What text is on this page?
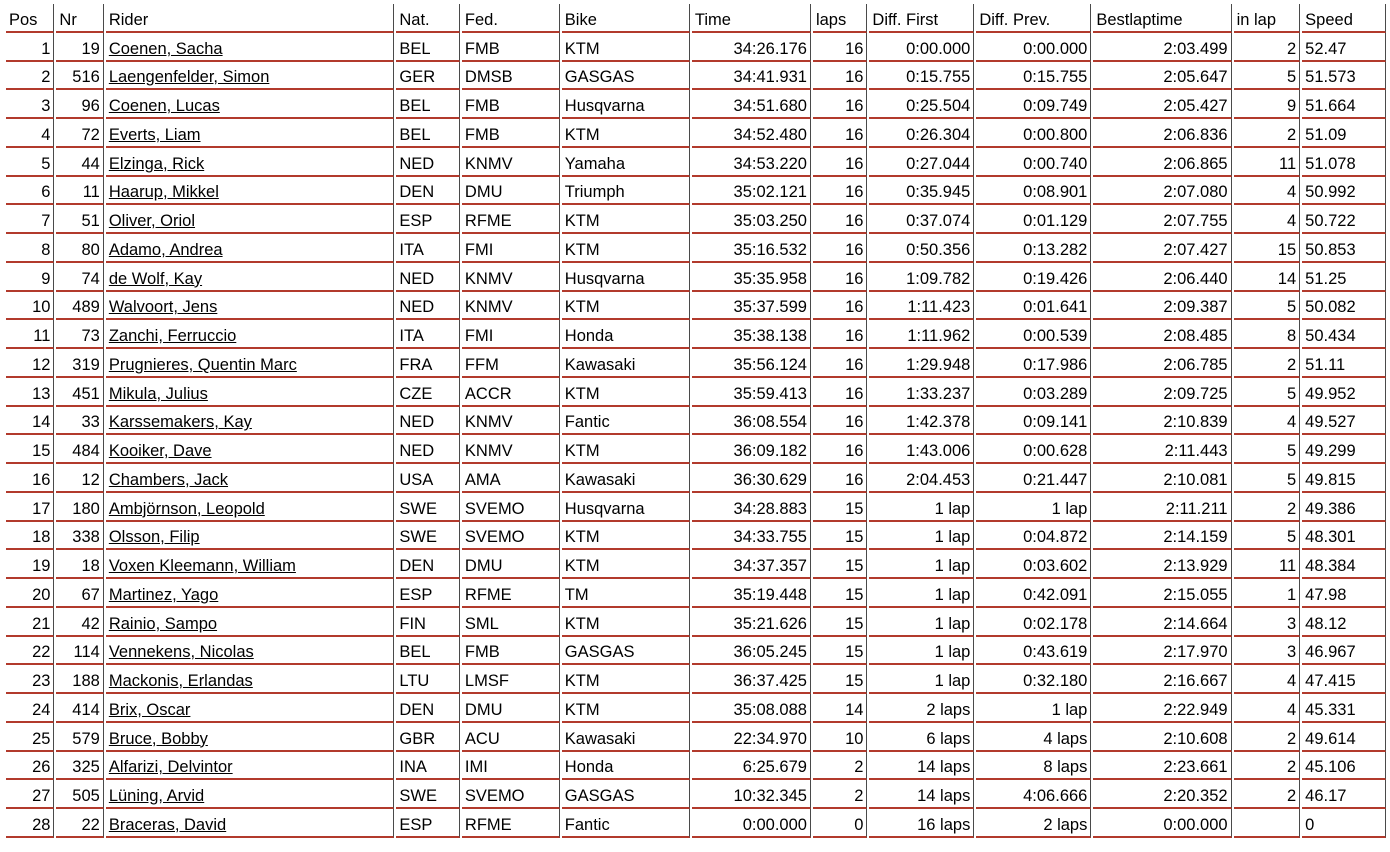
Pos	Nr	Rider	Nat.	Fed.	Bike	Time	laps	Diff. First	Diff. Prev.	Bestlaptime	in lap	Speed
1	19	Coenen, Sacha	BEL	FMB	KTM	34:26.176	16	0:00.000	0:00.000	2:03.499	2	52.47
2	516	Laengenfelder, Simon	GER	DMSB	GASGAS	34:41.931	16	0:15.755	0:15.755	2:05.647	5	51.573
3	96	Coenen, Lucas	BEL	FMB	Husqvarna	34:51.680	16	0:25.504	0:09.749	2:05.427	9	51.664
4	72	Everts, Liam	BEL	FMB	KTM	34:52.480	16	0:26.304	0:00.800	2:06.836	2	51.09
5	44	Elzinga, Rick	NED	KNMV	Yamaha	34:53.220	16	0:27.044	0:00.740	2:06.865	11	51.078
6	11	Haarup, Mikkel	DEN	DMU	Triumph	35:02.121	16	0:35.945	0:08.901	2:07.080	4	50.992
7	51	Oliver, Oriol	ESP	RFME	KTM	35:03.250	16	0:37.074	0:01.129	2:07.755	4	50.722
8	80	Adamo, Andrea	ITA	FMI	KTM	35:16.532	16	0:50.356	0:13.282	2:07.427	15	50.853
9	74	de Wolf, Kay	NED	KNMV	Husqvarna	35:35.958	16	1:09.782	0:19.426	2:06.440	14	51.25
10	489	Walvoort, Jens	NED	KNMV	KTM	35:37.599	16	1:11.423	0:01.641	2:09.387	5	50.082
11	73	Zanchi, Ferruccio	ITA	FMI	Honda	35:38.138	16	1:11.962	0:00.539	2:08.485	8	50.434
12	319	Prugnieres, Quentin Marc	FRA	FFM	Kawasaki	35:56.124	16	1:29.948	0:17.986	2:06.785	2	51.11
13	451	Mikula, Julius	CZE	ACCR	KTM	35:59.413	16	1:33.237	0:03.289	2:09.725	5	49.952
14	33	Karssemakers, Kay	NED	KNMV	Fantic	36:08.554	16	1:42.378	0:09.141	2:10.839	4	49.527
15	484	Kooiker, Dave	NED	KNMV	KTM	36:09.182	16	1:43.006	0:00.628	2:11.443	5	49.299
16	12	Chambers, Jack	USA	AMA	Kawasaki	36:30.629	16	2:04.453	0:21.447	2:10.081	5	49.815
17	180	Ambjörnson, Leopold	SWE	SVEMO	Husqvarna	34:28.883	15	1 lap	1 lap	2:11.211	2	49.386
18	338	Olsson, Filip	SWE	SVEMO	KTM	34:33.755	15	1 lap	0:04.872	2:14.159	5	48.301
19	18	Voxen Kleemann, William	DEN	DMU	KTM	34:37.357	15	1 lap	0:03.602	2:13.929	11	48.384
20	67	Martinez, Yago	ESP	RFME	TM	35:19.448	15	1 lap	0:42.091	2:15.055	1	47.98
21	42	Rainio, Sampo	FIN	SML	KTM	35:21.626	15	1 lap	0:02.178	2:14.664	3	48.12
22	114	Vennekens, Nicolas	BEL	FMB	GASGAS	36:05.245	15	1 lap	0:43.619	2:17.970	3	46.967
23	188	Mackonis, Erlandas	LTU	LMSF	KTM	36:37.425	15	1 lap	0:32.180	2:16.667	4	47.415
24	414	Brix, Oscar	DEN	DMU	KTM	35:08.088	14	2 laps	1 lap	2:22.949	4	45.331
25	579	Bruce, Bobby	GBR	ACU	Kawasaki	22:34.970	10	6 laps	4 laps	2:10.608	2	49.614
26	325	Alfarizi, Delvintor	INA	IMI	Honda	6:25.679	2	14 laps	8 laps	2:23.661	2	45.106
27	505	Lüning, Arvid	SWE	SVEMO	GASGAS	10:32.345	2	14 laps	4:06.666	2:20.352	2	46.17
28	22	Braceras, David	ESP	RFME	Fantic	0:00.000	0	16 laps	2 laps	0:00.000		0
